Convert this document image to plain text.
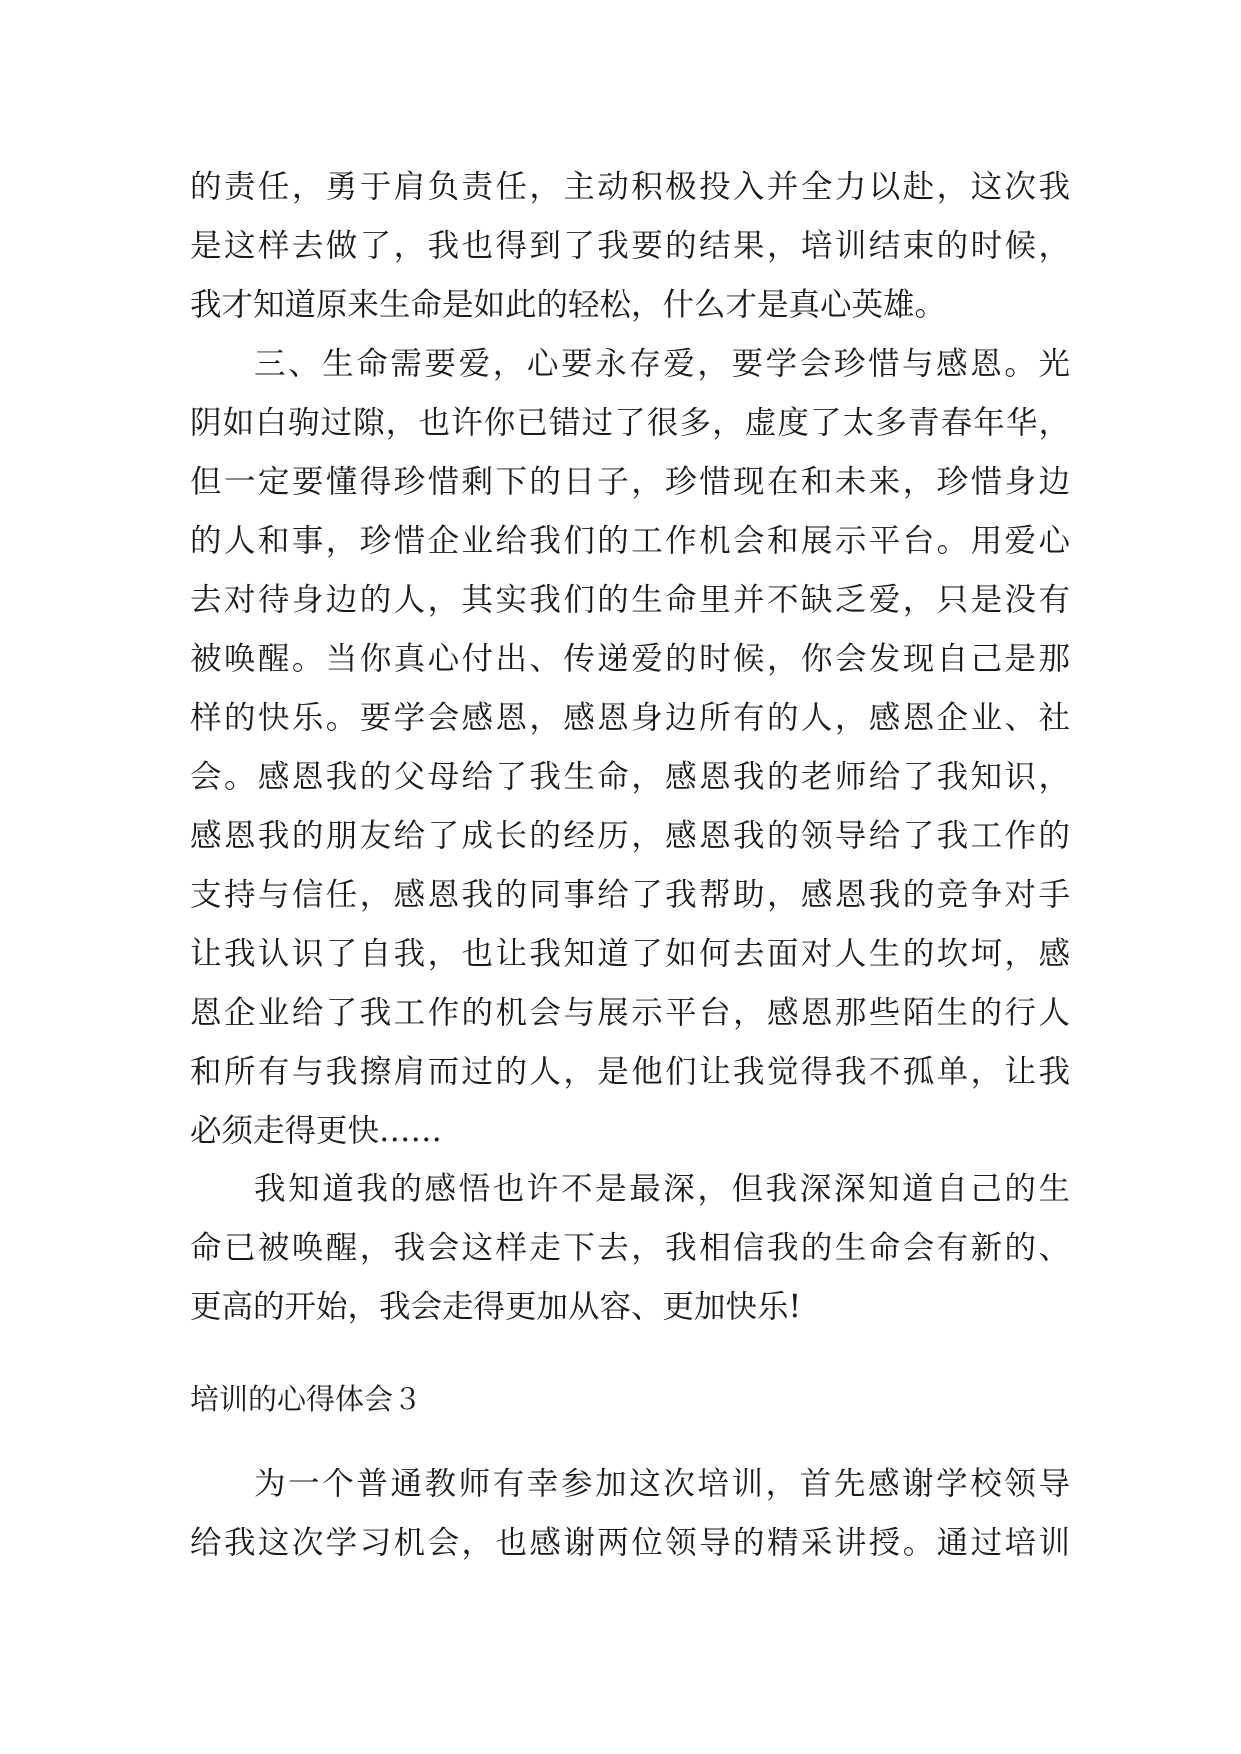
的责任，勇于肩负责任，主动积极投入并全力以赴，这次我
是这样去做了，我也得到了我要的结果，培训结束的时候，
我才知道原来生命是如此的轻松，什么才是真心英雄。
三、生命需要爱，心要永存爱，要学会珍惜与感恩。光
阴如白驹过隙，也许你已错过了很多，虚度了太多青春年华，
但一定要懂得珍惜剩下的日子，珍惜现在和未来，珍惜身边
的人和事，珍惜企业给我们的工作机会和展示平台。用爱心
去对待身边的人，其实我们的生命里并不缺乏爱，只是没有
被唤醒。当你真心付出、传递爱的时候，你会发现自己是那
样的快乐。要学会感恩，感恩身边所有的人，感恩企业、社
会。感恩我的父母给了我生命，感恩我的老师给了我知识，
感恩我的朋友给了成长的经历，感恩我的领导给了我工作的
支持与信任，感恩我的同事给了我帮助，感恩我的竞争对手
让我认识了自我，也让我知道了如何去面对人生的坎坷，感
恩企业给了我工作的机会与展示平台，感恩那些陌生的行人
和所有与我擦肩而过的人，是他们让我觉得我不孤单，让我
必须走得更快……
我知道我的感悟也许不是最深，但我深深知道自己的生
命已被唤醒，我会这样走下去，我相信我的生命会有新的、
更高的开始，我会走得更加从容、更加快乐!
培训的心得体会３
为一个普通教师有幸参加这次培训，首先感谢学校领导
给我这次学习机会，也感谢两位领导的精采讲授。通过培训
